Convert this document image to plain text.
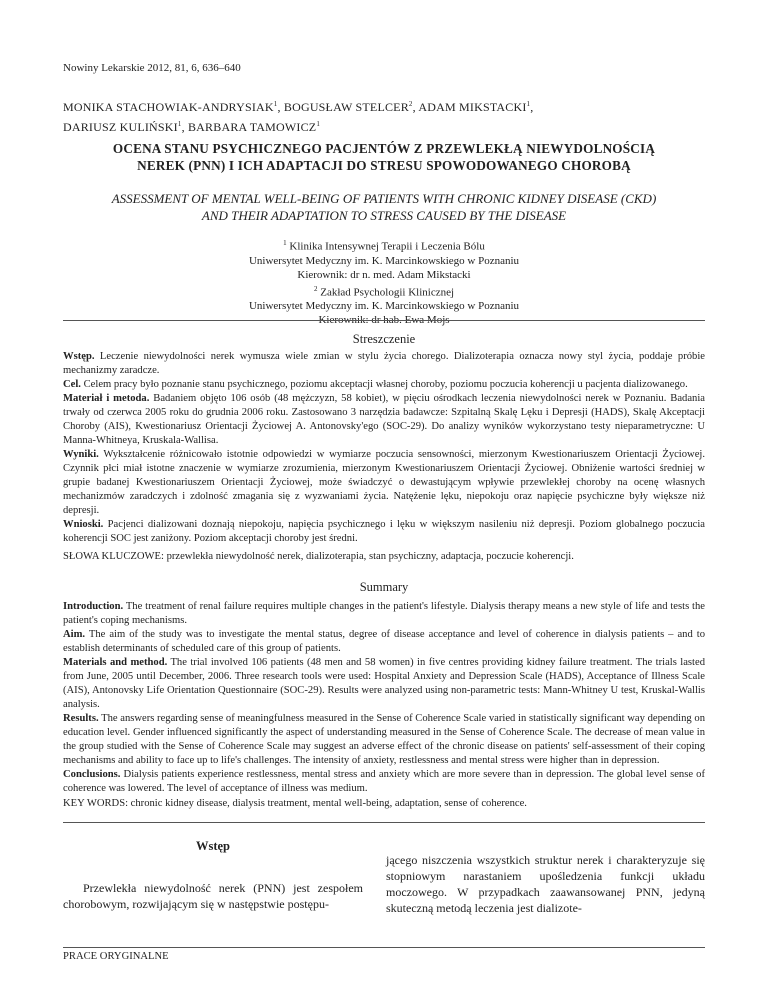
Nowiny Lekarskie 2012, 81, 6, 636–640
MONIKA STACHOWIAK-ANDRYSIAK$^1$, BOGUSŁAW STELCER$^2$, ADAM MIKSTACKI$^1$,
DARIUSZ KULIŃSKI$^1$, BARBARA TAMOWICZ$^1$
OCENA STANU PSYCHICZNEGO PACJENTÓW Z PRZEWLEKŁĄ NIEWYDOLNOŚCIĄ
NEREK (PNN) I ICH ADAPTACJI DO STRESU SPOWODOWANEGO CHOROBĄ
ASSESSMENT OF MENTAL WELL-BEING OF PATIENTS WITH CHRONIC KIDNEY DISEASE (CKD)
AND THEIR ADAPTATION TO STRESS CAUSED BY THE DISEASE
$^1$ Klinika Intensywnej Terapii i Leczenia Bólu
Uniwersytet Medyczny im. K. Marcinkowskiego w Poznaniu
Kierownik: dr n. med. Adam Mikstacki
$^2$ Zakład Psychologii Klinicznej
Uniwersytet Medyczny im. K. Marcinkowskiego w Poznaniu
Kierownik: dr hab. Ewa Mojs
Streszczenie

Wstęp. Leczenie niewydolności nerek wymusza wiele zmian w stylu życia chorego. Dializoterapia oznacza nowy styl życia, poddaje próbie mechanizmy zaradcze.

Cel. Celem pracy było poznanie stanu psychicznego, poziomu akceptacji własnej choroby, poziomu poczucia koherencji u pacjenta dializowanego.

Materiał i metoda. Badaniem objęto 106 osób (48 mężczyzn, 58 kobiet), w pięciu ośrodkach leczenia niewydolności nerek w Poznaniu. Badania trwały od czerwca 2005 roku do grudnia 2006 roku. Zastosowano 3 narzędzia badawcze: Szpitalną Skalę Lęku i Depresji (HADS), Skalę Akceptacji Choroby (AIS), Kwestionariusz Orientacji Życiowej A. Antonovsky'ego (SOC-29). Do analizy wyników wykorzystano testy nieparametryczne: U Manna-Whitneya, Kruskala-Wallisa.

Wyniki. Wykształcenie różnicowało istotnie odpowiedzi w wymiarze poczucia sensowności, mierzonym Kwestionariuszem Orientacji Życiowej. Czynnik płci miał istotne znaczenie w wymiarze zrozumienia, mierzonym Kwestionariuszem Orientacji Życiowej. Obniżenie wartości średniej w grupie badanej Kwestionariuszem Orientacji Życiowej, może świadczyć o dewastującym wpływie przewlekłej choroby na ocenę własnych mechanizmów zaradczych i zdolność zmagania się z wyzwaniami życia. Natężenie lęku, niepokoju oraz napięcie psychiczne były większe niż depresji.

Wnioski. Pacjenci dializowani doznają niepokoju, napięcia psychicznego i lęku w większym nasileniu niż depresji. Poziom globalnego poczucia koherencji SOC jest zaniżony. Poziom akceptacji choroby jest średni.

SŁOWA KLUCZOWE: przewlekła niewydolność nerek, dializoterapia, stan psychiczny, adaptacja, poczucie koherencji.
Summary

Introduction. The treatment of renal failure requires multiple changes in the patient's lifestyle. Dialysis therapy means a new style of life and tests the patient's coping mechanisms.

Aim. The aim of the study was to investigate the mental status, degree of disease acceptance and level of coherence in dialysis patients – and to establish determinants of scheduled care of this group of patients.

Materials and method. The trial involved 106 patients (48 men and 58 women) in five centres providing kidney failure treatment. The trials lasted from June, 2005 until December, 2006. Three research tools were used: Hospital Anxiety and Depression Scale (HADS), Acceptance of Illness Scale (AIS), Antonovsky Life Orientation Questionnaire (SOC-29). Results were analyzed using non-parametric tests: Mann-Whitney U test, Kruskal-Wallis analysis.

Results. The answers regarding sense of meaningfulness measured in the Sense of Coherence Scale varied in statistically significant way depending on education level. Gender influenced significantly the aspect of understanding measured in the Sense of Coherence Scale. The decrease of mean value in the group studied with the Sense of Coherence Scale may suggest an adverse effect of the chronic disease on patients' self-assessment of their coping mechanisms and ability to face up to life's challenges. The intensity of anxiety, restlessness and mental stress were higher than in depression.

Conclusions. Dialysis patients experience restlessness, mental stress and anxiety which are more severe than in depression. The global level sense of coherence was lowered. The level of acceptance of illness was medium.

KEY WORDS: chronic kidney disease, dialysis treatment, mental well-being, adaptation, sense of coherence.
Wstęp
Przewlekła niewydolność nerek (PNN) jest zespołem chorobowym, rozwijającym się w następstwie postępu-
jącego niszczenia wszystkich struktur nerek i charakteryzuje się stopniowym narastaniem upośledzenia funkcji układu moczowego. W przypadkach zaawansowanej PNN, jedyną skuteczną metodą leczenia jest dializote-
PRACE ORYGINALNE
